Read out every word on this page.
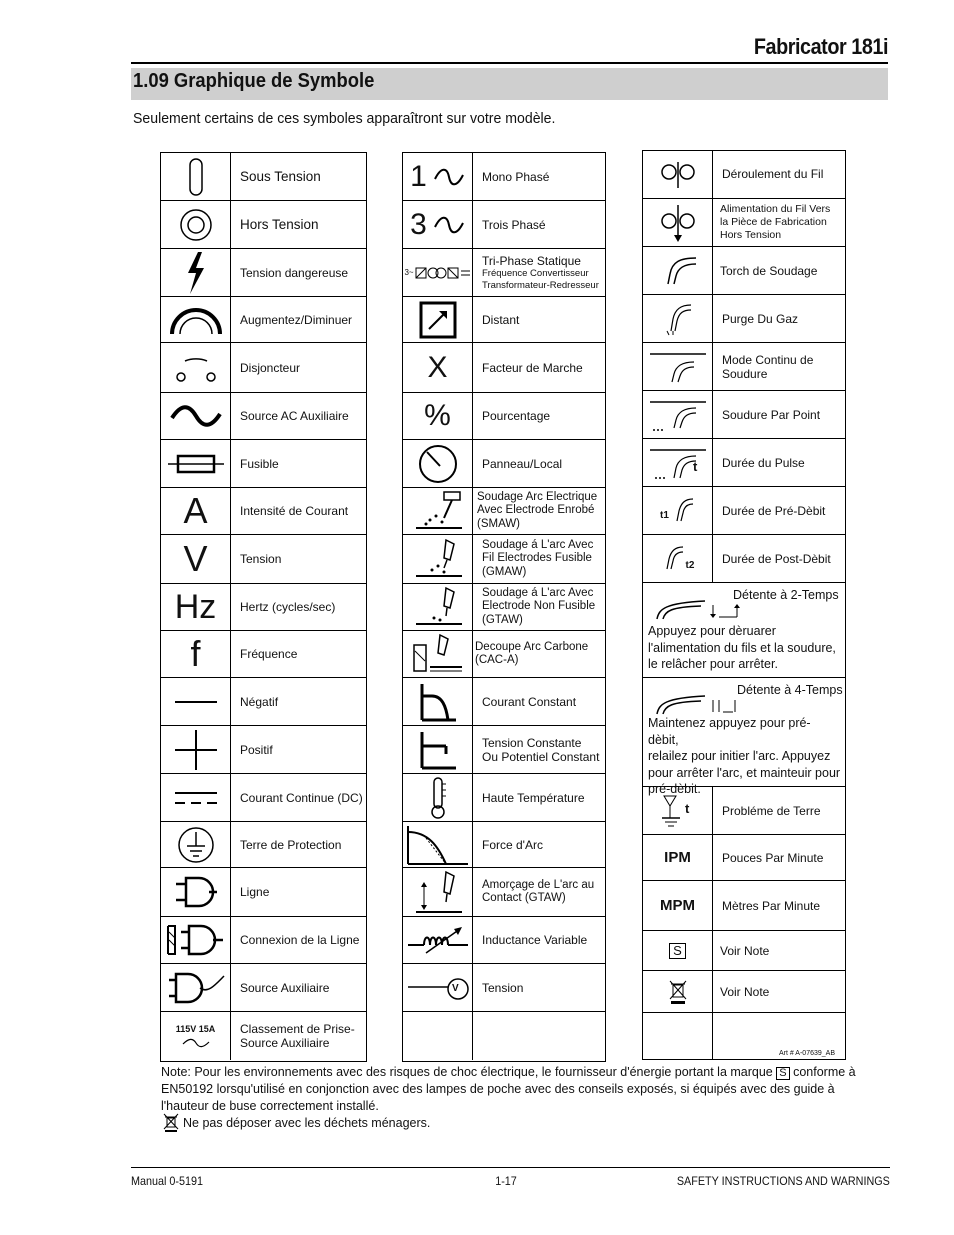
Fabricator 181i
1.09 Graphique de Symbole
Seulement certains de ces symboles apparaîtront sur votre modèle.
Sous Tension
Hors Tension
Tension dangereuse
Augmentez/Diminuer
Disjoncteur
Source AC Auxiliaire
Fusible
A	Intensité de Courant
V	Tension
Hz	Hertz (cycles/sec)
f	Fréquence
Négatif
Positif
Courant Continue (DC)
Terre de Protection
Ligne
Connexion de la Ligne
Source Auxiliaire
115V 15A Classement de Prise-
Source Auxiliaire
1	Mono Phasé
3	Trois Phasé
3~
Tri-Phase Statique
Fréquence Convertisseur
Transformateur-Redresseur
Distant
X	Facteur de Marche
%	Pourcentage
Panneau/Local
Soudage Arc Electrique
Avec Electrode Enrobé
(SMAW)
Soudage á L'arc Avec
Fil Electrodes Fusible
(GMAW)
Soudage á L'arc Avec
Electrode Non Fusible
(GTAW)
Decoupe Arc Carbone
(CAC-A)
Courant Constant
Tension Constante
Ou Potentiel Constant
Haute Température
Force d'Arc
Amorçage de L'arc au
Contact (GTAW)
Inductance Variable
V Tension
Déroulement du Fil
Alimentation du Fil Vers
la Pièce de Fabrication
Hors Tension
Torch de Soudage
Purge Du Gaz
Mode Continu de
Soudure
Soudure Par Point
t Durée du Pulse
t1	Durée de Pré-Dèbit
t2 Durée de Post-Dèbit
Détente à 2-Temps
Appuyez pour dèruarer
l'alimentation du fils et la soudure,
le relâcher pour arrêter.
Détente à 4-Temps
Maintenez appuyez pour pré-dèbit,
relailez pour initier l'arc. Appuyez
pour arrêter l'arc, et mainteuir pour
pré-dèbit.
t	Probléme de Terre
IPM	Pouces Par Minute
MPM	Mètres Par Minute
S	Voir Note
Voir Note
Art # A-07639_AB
Note: Pour les environnements avec des risques de choc électrique, le fournisseur d'énergie portant la marque S conforme à EN50192 lorsqu'utilisé en conjonction avec des lampes de poche avec des conseils exposés, si équipés avec des guide à l'hauteur de buse correctement installé.
Ne pas déposer avec les déchets ménagers.
Manual 0-5191	1-17	SAFETY INSTRUCTIONS AND WARNINGS
